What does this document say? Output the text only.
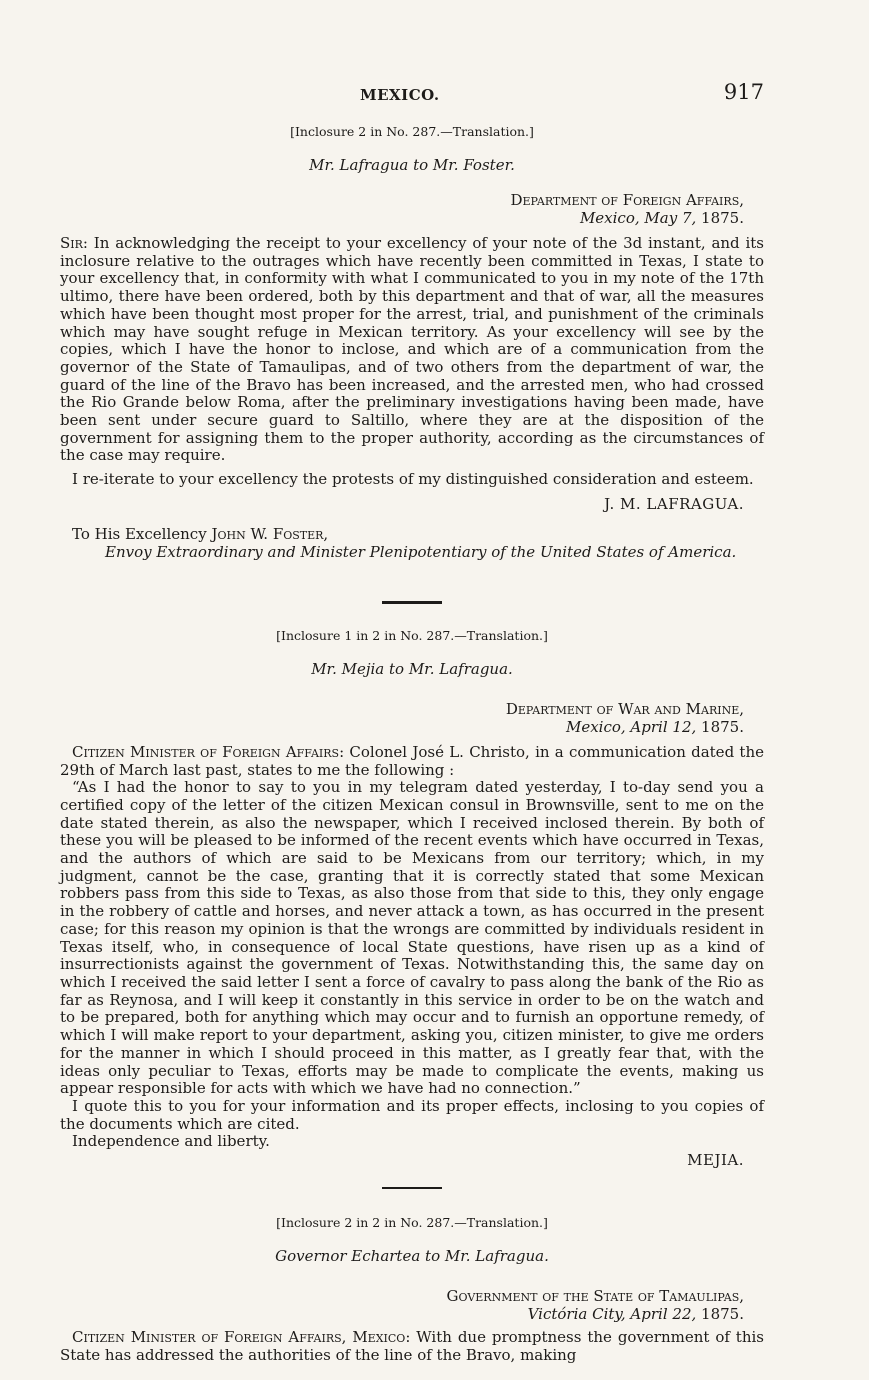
MEXICO.	917
[Inclosure 2 in No. 287.—Translation.]
Mr. Lafragua to Mr. Foster.
Department of Foreign Affairs,
Mexico, May 7, 1875.

Sir: In acknowledging the receipt to your excellency of your note of the 3d instant, and its inclosure relative to the outrages which have recently been committed in Texas, I state to your excellency that, in conformity with what I communicated to you in my note of the 17th ultimo, there have been ordered, both by this department and that of war, all the measures which have been thought most proper for the arrest, trial, and punishment of the criminals which may have sought refuge in Mexican territory. As your excellency will see by the copies, which I have the honor to inclose, and which are of a communication from the governor of the State of Tamaulipas, and of two others from the department of war, the guard of the line of the Bravo has been increased, and the arrested men, who had crossed the Rio Grande below Roma, after the preliminary investigations having been made, have been sent under secure guard to Saltillo, where they are at the disposition of the government for assigning them to the proper authority, according as the circumstances of the case may require.

I re-iterate to your excellency the protests of my distinguished consideration and esteem.

J. M. LAFRAGUA.
To His Excellency John W. Foster,
Envoy Extraordinary and Minister Plenipotentiary of the United States of America.
[Inclosure 1 in 2 in No. 287.—Translation.]
Mr. Mejia to Mr. Lafragua.
Department of War and Marine,
Mexico, April 12, 1875.

Citizen Minister of Foreign Affairs: Colonel José L. Christo, in a communication dated the 29th of March last past, states to me the following :

“As I had the honor to say to you in my telegram dated yesterday, I to-day send you a certified copy of the letter of the citizen Mexican consul in Brownsville, sent to me on the date stated therein, as also the newspaper, which I received inclosed therein. By both of these you will be pleased to be informed of the recent events which have occurred in Texas, and the authors of which are said to be Mexicans from our territory; which, in my judgment, cannot be the case, granting that it is correctly stated that some Mexican robbers pass from this side to Texas, as also those from that side to this, they only engage in the robbery of cattle and horses, and never attack a town, as has occurred in the present case; for this reason my opinion is that the wrongs are committed by individuals resident in Texas itself, who, in consequence of local State questions, have risen up as a kind of insurrectionists against the government of Texas. Notwithstanding this, the same day on which I received the said letter I sent a force of cavalry to pass along the bank of the Rio as far as Reynosa, and I will keep it constantly in this service in order to be on the watch and to be prepared, both for anything which may occur and to furnish an opportune remedy, of which I will make report to your department, asking you, citizen minister, to give me orders for the manner in which I should proceed in this matter, as I greatly fear that, with the ideas only peculiar to Texas, efforts may be made to complicate the events, making us appear responsible for acts with which we have had no connection.”

I quote this to you for your information and its proper effects, inclosing to you copies of the documents which are cited.

Independence and liberty.

MEJIA.
[Inclosure 2 in 2 in No. 287.—Translation.]
Governor Echartea to Mr. Lafragua.
Government of the State of Tamaulipas,
Victória City, April 22, 1875.

Citizen Minister of Foreign Affairs, Mexico: With due promptness the government of this State has addressed the authorities of the line of the Bravo, making
